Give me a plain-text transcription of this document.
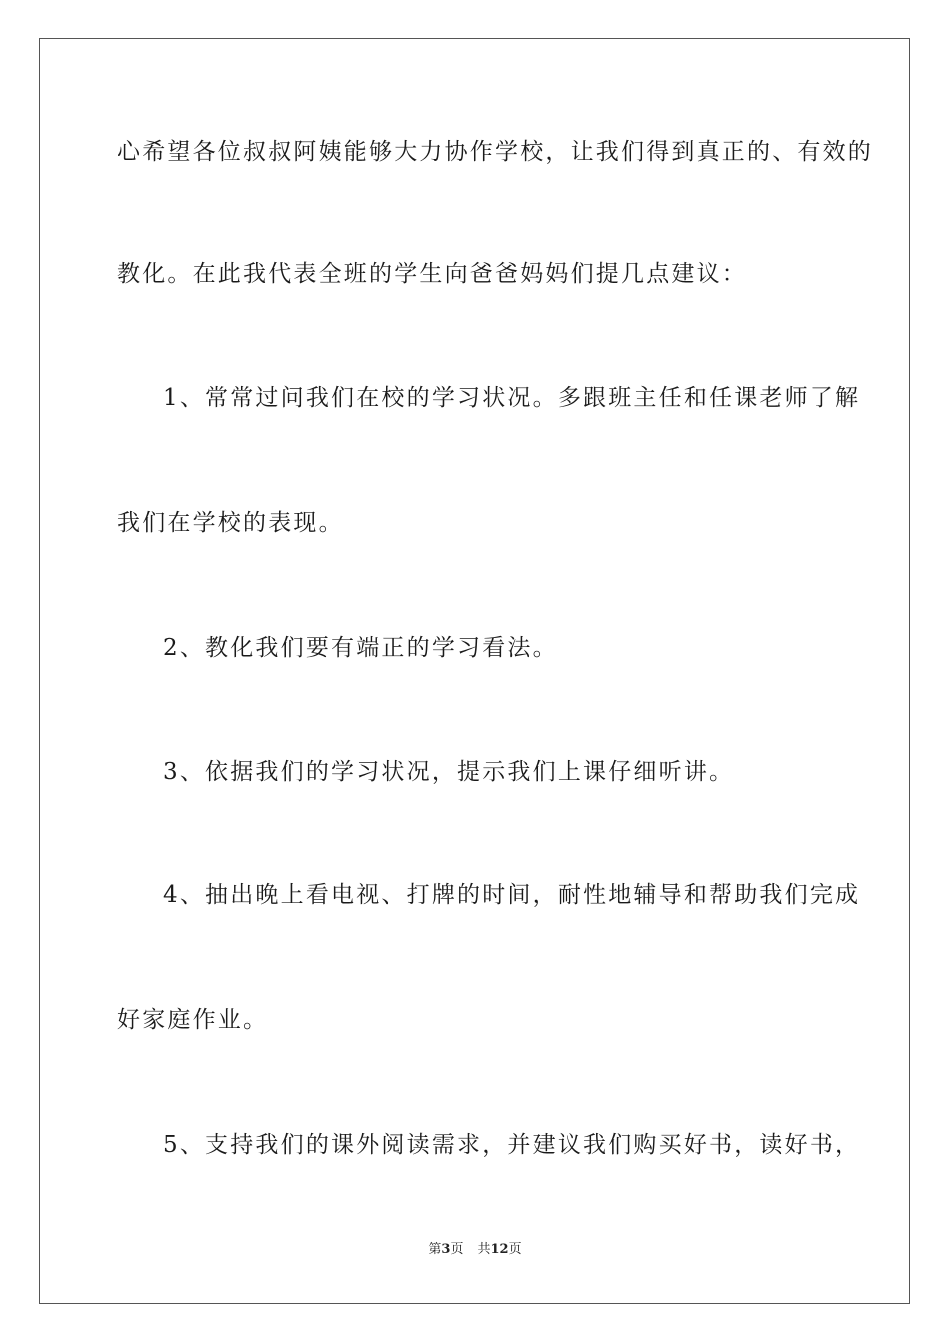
心希望各位叔叔阿姨能够大力协作学校，让我们得到真正的、有效的
教化。在此我代表全班的学生向爸爸妈妈们提几点建议：
1、常常过问我们在校的学习状况。多跟班主任和任课老师了解
我们在学校的表现。
2、教化我们要有端正的学习看法。
3、依据我们的学习状况，提示我们上课仔细听讲。
4、抽出晚上看电视、打牌的时间，耐性地辅导和帮助我们完成
好家庭作业。
5、支持我们的课外阅读需求，并建议我们购买好书，读好书，
第3页 共12页
